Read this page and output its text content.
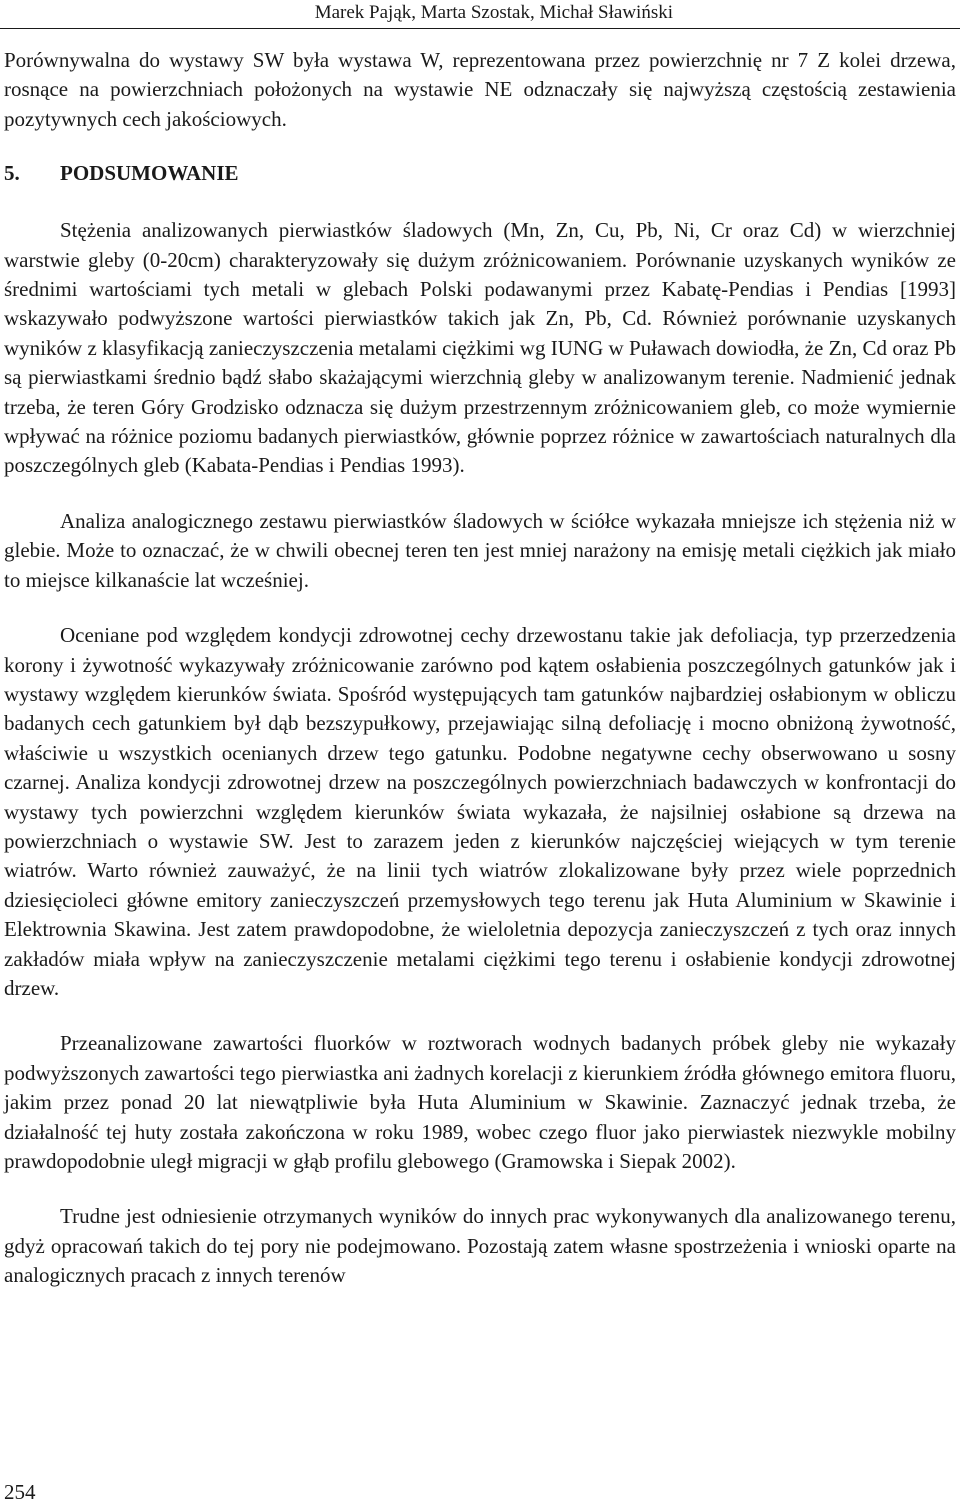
Marek Pająk, Marta Szostak, Michał Sławiński

Porównywalna do wystawy SW była wystawa W, reprezentowana przez powierzchnię nr 7 Z kolei drzewa, rosnące na powierzchniach położonych na wystawie NE odznaczały się najwyższą częstością zestawienia pozytywnych cech jakościowych.

5. PODSUMOWANIE

Stężenia analizowanych pierwiastków śladowych (Mn, Zn, Cu, Pb, Ni, Cr oraz Cd) w wierzchniej warstwie gleby (0-20cm) charakteryzowały się dużym zróżnicowaniem. Porównanie uzyskanych wyników ze średnimi wartościami tych metali w glebach Polski podawanymi przez Kabatę-Pendias i Pendias [1993] wskazywało podwyższone wartości pierwiastków takich jak Zn, Pb, Cd. Również porównanie uzyskanych wyników z klasyfikacją zanieczyszczenia metalami ciężkimi wg IUNG w Puławach dowiodła, że Zn, Cd oraz Pb są pierwiastkami średnio bądź słabo skażającymi wierzchnią gleby w analizowanym terenie. Nadmienić jednak trzeba, że teren Góry Grodzisko odznacza się dużym przestrzennym zróżnicowaniem gleb, co może wymiernie wpływać na różnice poziomu badanych pierwiastków, głównie poprzez różnice w zawartościach naturalnych dla poszczególnych gleb (Kabata-Pendias i Pendias 1993).

Analiza analogicznego zestawu pierwiastków śladowych w ściółce wykazała mniejsze ich stężenia niż w glebie. Może to oznaczać, że w chwili obecnej teren ten jest mniej narażony na emisję metali ciężkich jak miało to miejsce kilkanaście lat wcześniej.

Oceniane pod względem kondycji zdrowotnej cechy drzewostanu takie jak defoliacja, typ przerzedzenia korony i żywotność wykazywały zróżnicowanie zarówno pod kątem osłabienia poszczególnych gatunków jak i wystawy względem kierunków świata. Spośród występujących tam gatunków najbardziej osłabionym w obliczu badanych cech gatunkiem był dąb bezszypułkowy, przejawiając silną defoliację i mocno obniżoną żywotność, właściwie u wszystkich ocenianych drzew tego gatunku. Podobne negatywne cechy obserwowano u sosny czarnej. Analiza kondycji zdrowotnej drzew na poszczególnych powierzchniach badawczych w konfrontacji do wystawy tych powierzchni względem kierunków świata wykazała, że najsilniej osłabione są drzewa na powierzchniach o wystawie SW. Jest to zarazem jeden z kierunków najczęściej wiejących w tym terenie wiatrów. Warto również zauważyć, że na linii tych wiatrów zlokalizowane były przez wiele poprzednich dziesięcioleci główne emitory zanieczyszczeń przemysłowych tego terenu jak Huta Aluminium w Skawinie i Elektrownia Skawina. Jest zatem prawdopodobne, że wieloletnia depozycja zanieczyszczeń z tych oraz innych zakładów miała wpływ na zanieczyszczenie metalami ciężkimi tego terenu i osłabienie kondycji zdrowotnej drzew.

Przeanalizowane zawartości fluorków w roztworach wodnych badanych próbek gleby nie wykazały podwyższonych zawartości tego pierwiastka ani żadnych korelacji z kierunkiem źródła głównego emitora fluoru, jakim przez ponad 20 lat niewątpliwie była Huta Aluminium w Skawinie. Zaznaczyć jednak trzeba, że działalność tej huty została zakończona w roku 1989, wobec czego fluor jako pierwiastek niezwykle mobilny prawdopodobnie uległ migracji w głąb profilu glebowego (Gramowska i Siepak 2002).

Trudne jest odniesienie otrzymanych wyników do innych prac wykonywanych dla analizowanego terenu, gdyż opracowań takich do tej pory nie podejmowano. Pozostają zatem własne spostrzeżenia i wnioski oparte na analogicznych pracach z innych terenów

254
